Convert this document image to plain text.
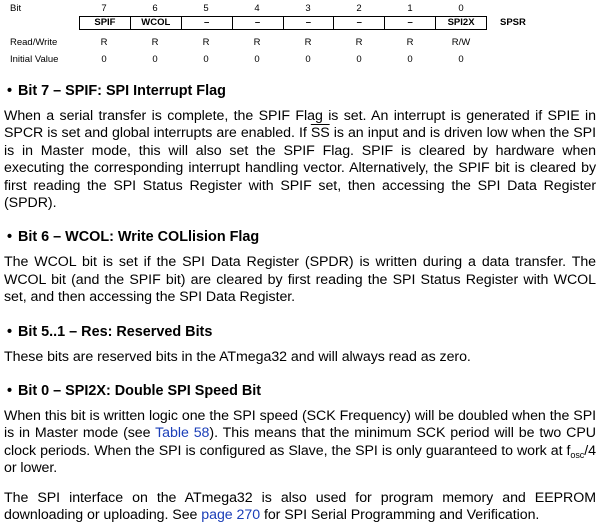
Bit	7	6	5	4	3	2	1	0
SPIF	WCOL	–	–	–	–	–	SPI2X	SPSR
Read/Write	R	R	R	R	R	R	R	R/W
Initial Value	0	0	0	0	0	0	0	0
• Bit 7 – SPIF: SPI Interrupt Flag

When a serial transfer is complete, the SPIF Flag is set. An interrupt is generated if SPIE in SPCR is set and global interrupts are enabled. If $\overline{SS}$ is an input and is driven low when the SPI is in Master mode, this will also set the SPIF Flag. SPIF is cleared by hardware when executing the corresponding interrupt handling vector. Alternatively, the SPIF bit is cleared by first reading the SPI Status Register with SPIF set, then accessing the SPI Data Register (SPDR).

• Bit 6 – WCOL: Write COLlision Flag

The WCOL bit is set if the SPI Data Register (SPDR) is written during a data transfer. The WCOL bit (and the SPIF bit) are cleared by first reading the SPI Status Register with WCOL set, and then accessing the SPI Data Register.

• Bit 5..1 – Res: Reserved Bits

These bits are reserved bits in the ATmega32 and will always read as zero.

• Bit 0 – SPI2X: Double SPI Speed Bit

When this bit is written logic one the SPI speed (SCK Frequency) will be doubled when the SPI is in Master mode (see Table 58). This means that the minimum SCK period will be two CPU clock periods. When the SPI is configured as Slave, the SPI is only guaranteed to work at $f_{osc}/4$ or lower.

The SPI interface on the ATmega32 is also used for program memory and EEPROM downloading or uploading. See page 270 for SPI Serial Programming and Verification.
